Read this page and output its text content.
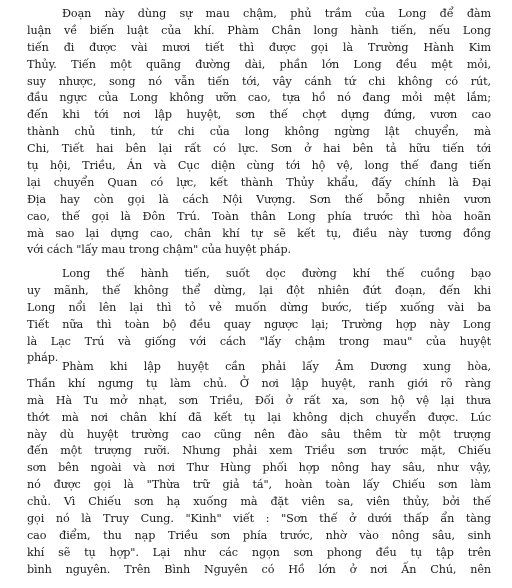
Đoạn này dùng sự mau chậm, phủ trầm của Long để đàm
luận về biến luật của khí. Phàm Chân long hành tiến, nếu Long
tiến đi được vài mươi tiết thì được gọi là Trường Hành Kim
Thủy. Tiến một quãng đường dài, phần lớn Long đều mệt mỏi,
suy nhược, song nó vẫn tiến tới, vây cánh tứ chi không có rút,
đầu ngực của Long không ưỡn cao, tựa hồ nó đang mỏi mệt lắm;
đến khi tới nơi lập huyệt, sơn thế chợt dựng đứng, vươn cao
thành chủ tinh, tứ chi của long không ngừng lật chuyển, mà
Chi, Tiết hai bên lại rất có lực. Sơn ở hai bên tả hữu tiến tới
tụ hội, Triều, Án và Cục diện cùng tới hộ vệ, long thế đang tiến
lại chuyển Quan có lực, kết thành Thủy khẩu, đấy chính là Đại
Địa hay còn gọi là cách Nội Vượng. Sơn thế bỗng nhiên vươn
cao, thế gọi là Đôn Trú. Toàn thân Long phía trước thì hòa hoãn
mà sao lại dựng cao, chân khí tự sẽ kết tụ, điều này tương đồng
với cách "lấy mau trong chậm" của huyệt pháp.
Long thế hành tiến, suốt dọc đường khí thế cuồng bạo
uy mãnh, thế không thể dừng, lại đột nhiên đứt đoạn, đến khi
Long nổi lên lại thì tỏ vẻ muốn dừng bước, tiếp xuống vài ba
Tiết nữa thì toàn bộ đều quay ngược lại; Trường hợp này Long
là Lạc Trú và giống với cách "lấy chậm trong mau" của huyệt
pháp.
Phàm khi lập huyệt cần phải lấy Âm Dương xung hòa,
Thần khí ngưng tụ làm chủ. Ở nơi lập huyệt, ranh giới rõ ràng
mà Hà Tu mở nhạt, sơn Triều, Đối ở rất xa, sơn hộ vệ lại thưa
thớt mà nơi chân khí đã kết tụ lại không dịch chuyển được. Lúc
này dù huyệt trường cao cũng nên đào sâu thêm từ một trượng
đến một trượng rưỡi. Nhưng phải xem Triều sơn trước mặt, Chiếu
sơn bên ngoài và nơi Thư Hùng phối hợp nông hay sâu, như vậy,
nó được gọi là "Thừa trữ giả tá", hoàn toàn lấy Chiếu sơn làm
chủ. Vì Chiếu sơn hạ xuống mà đặt viên sa, viên thủy, bởi thế
gọi nó là Truy Cung. "Kinh" viết : "Sơn thế ở dưới thấp ẩn tàng
cao điểm, thu nạp Triều sơn phía trước, nhờ vào nông sâu, sinh
khí sẽ tụ hợp". Lại như các ngọn sơn phong đều tụ tập trên
bình nguyên. Trên Bình Nguyên có Hồ lớn ở nơi Ấn Chú, nên
